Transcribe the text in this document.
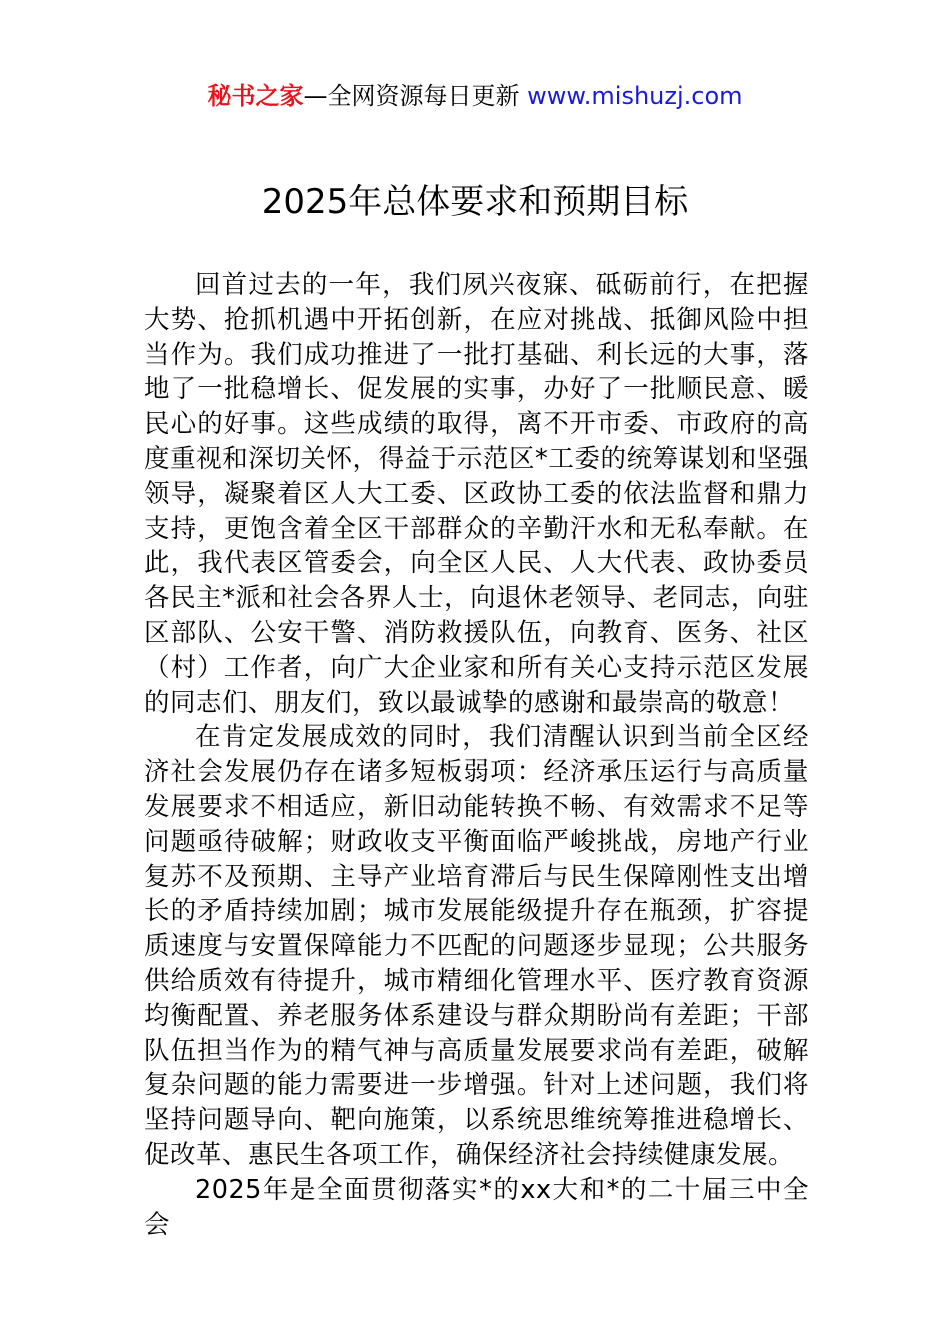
秘书之家—全网资源每日更新 www.mishuzj.com
2025年总体要求和预期目标

回首过去的一年，我们夙兴夜寐、砥砺前行，在把握大势、抢抓机遇中开拓创新，在应对挑战、抵御风险中担当作为。我们成功推进了一批打基础、利长远的大事，落地了一批稳增长、促发展的实事，办好了一批顺民意、暖民心的好事。这些成绩的取得，离不开市委、市政府的高度重视和深切关怀，得益于示范区*工委的统筹谋划和坚强领导，凝聚着区人大工委、区政协工委的依法监督和鼎力支持，更饱含着全区干部群众的辛勤汗水和无私奉献。在此，我代表区管委会，向全区人民、人大代表、政协委员各民主*派和社会各界人士，向退休老领导、老同志，向驻区部队、公安干警、消防救援队伍，向教育、医务、社区（村）工作者，向广大企业家和所有关心支持示范区发展的同志们、朋友们，致以最诚挚的感谢和最崇高的敬意！

在肯定发展成效的同时，我们清醒认识到当前全区经济社会发展仍存在诸多短板弱项：经济承压运行与高质量发展要求不相适应，新旧动能转换不畅、有效需求不足等问题亟待破解；财政收支平衡面临严峻挑战，房地产行业复苏不及预期、主导产业培育滞后与民生保障刚性支出增长的矛盾持续加剧；城市发展能级提升存在瓶颈，扩容提质速度与安置保障能力不匹配的问题逐步显现；公共服务供给质效有待提升，城市精细化管理水平、医疗教育资源均衡配置、养老服务体系建设与群众期盼尚有差距；干部队伍担当作为的精气神与高质量发展要求尚有差距，破解复杂问题的能力需要进一步增强。针对上述问题，我们将坚持问题导向、靶向施策，以系统思维统筹推进稳增长、促改革、惠民生各项工作，确保经济社会持续健康发展。

2025年是全面贯彻落实*的xx大和*的二十届三中全会
